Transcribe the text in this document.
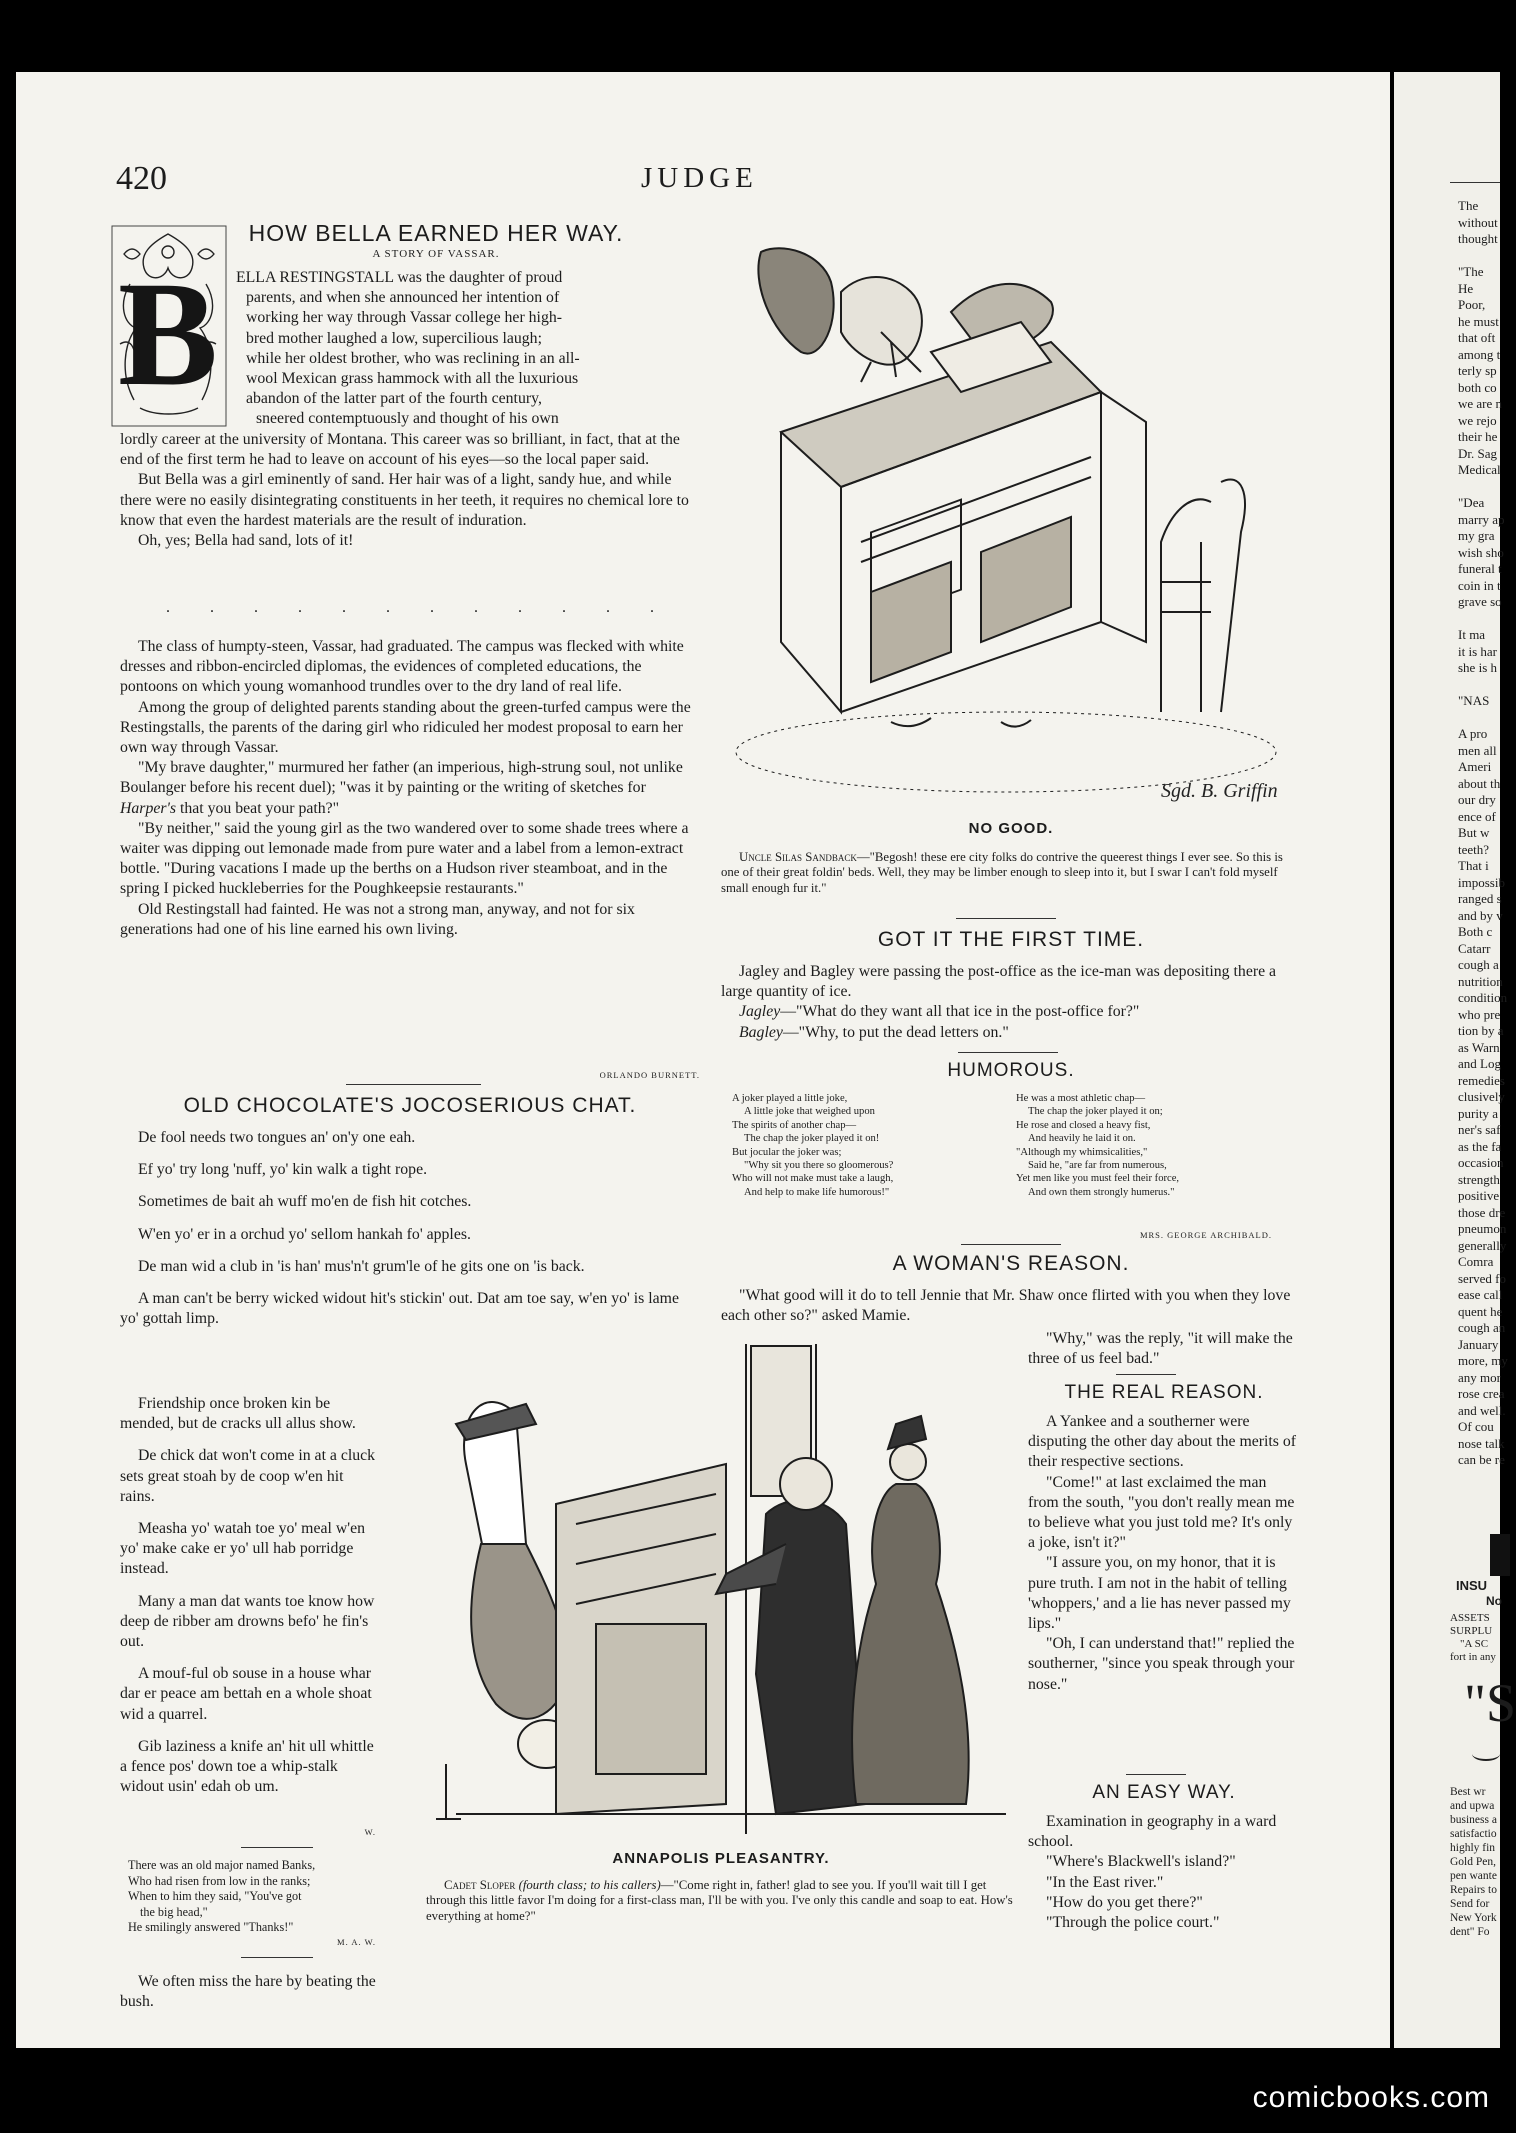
420	JUDGE
HOW BELLA EARNED HER WAY.
A STORY OF VASSAR.
B ELLA RESTINGSTALL was the daughter of proud
parents, and when she announced her intention of
working her way through Vassar college her high-
bred mother laughed a low, supercilious laugh;
while her oldest brother, who was reclining in an all-
wool Mexican grass hammock with all the luxurious
abandon of the latter part of the fourth century,
sneered contemptuously and thought of his own

lordly career at the university of Montana. This career was so brilliant, in fact, that at the end of the first term he had to leave on account of his eyes—so the local paper said.

But Bella was a girl eminently of sand. Her hair was of a light, sandy hue, and while there were no easily disintegrating constituents in her teeth, it requires no chemical lore to know that even the hardest materials are the result of induration.

Oh, yes; Bella had sand, lots of it!

. . . . . . . . . . . .

The class of humpty-steen, Vassar, had graduated. The campus was flecked with white dresses and ribbon-encircled diplomas, the evidences of completed educations, the pontoons on which young womanhood trundles over to the dry land of real life.

Among the group of delighted parents standing about the green-turfed campus were the Restingstalls, the parents of the daring girl who ridiculed her modest proposal to earn her own way through Vassar.

"My brave daughter," murmured her father (an imperious, high-strung soul, not unlike Boulanger before his recent duel); "was it by painting or the writing of sketches for Harper's that you beat your path?"

"By neither," said the young girl as the two wandered over to some shade trees where a waiter was dipping out lemonade made from pure water and a label from a lemon-extract bottle. "During vacations I made up the berths on a Hudson river steamboat, and in the spring I picked huckleberries for the Poughkeepsie restaurants."

Old Restingstall had fainted. He was not a strong man, anyway, and not for six generations had one of his line earned his own living.

ORLANDO BURNETT.
OLD CHOCOLATE'S JOCOSERIOUS CHAT.

De fool needs two tongues an' on'y one eah.

Ef yo' try long 'nuff, yo' kin walk a tight rope.

Sometimes de bait ah wuff mo'en de fish hit cotches.

W'en yo' er in a orchud yo' sellom hankah fo' apples.

De man wid a club in 'is han' mus'n't grum'le of he gits one on 'is back.

A man can't be berry wicked widout hit's stickin' out. Dat am toe say, w'en yo' is lame yo' gottah limp.

Friendship once broken kin be mended, but de cracks ull allus show.

De chick dat won't come in at a cluck sets great stoah by de coop w'en hit rains.

Measha yo' watah toe yo' meal w'en yo' make cake er yo' ull hab porridge instead.

Many a man dat wants toe know how deep de ribber am drowns befo' he fin's out.

A mouf-ful ob souse in a house whar dar er peace am bettah en a whole shoat wid a quarrel.

Gib laziness a knife an' hit ull whittle a fence pos' down toe a whip-stalk widout usin' edah ob um.

W.

There was an old major named Banks,

Who had risen from low in the ranks;

When to him they said, "You've got

the big head,"

He smilingly answered "Thanks!"

M. A. W.

We often miss the hare by beating the bush.

Sgd. B. Griffin
NO GOOD.

Uncle Silas Sandback—"Begosh! these ere city folks do contrive the queerest things I ever see. So this is one of their great foldin' beds. Well, they may be limber enough to sleep into it, but I swar I can't fold myself small enough fur it."

GOT IT THE FIRST TIME.

Jagley and Bagley were passing the post-office as the ice-man was depositing there a large quantity of ice.

Jagley—"What do they want all that ice in the post-office for?"

Bagley—"Why, to put the dead letters on."

HUMOROUS.
A joker played a little joke,
A little joke that weighed upon
The spirits of another chap—
The chap the joker played it on!
But jocular the joker was;
"Why sit you there so gloomerous?
Who will not make must take a laugh,
And help to make life humorous!"
He was a most athletic chap—
The chap the joker played it on;
He rose and closed a heavy fist,
And heavily he laid it on.
"Although my whimsicalities,"
Said he, "are far from numerous,
Yet men like you must feel their force,
And own them strongly humerus."
MRS. GEORGE ARCHIBALD.
A WOMAN'S REASON.

"What good will it do to tell Jennie that Mr. Shaw once flirted with you when they love each other so?" asked Mamie.

"Why," was the reply, "it will make the three of us feel bad."

THE REAL REASON.

A Yankee and a southerner were disputing the other day about the merits of their respective sections.

"Come!" at last exclaimed the man from the south, "you don't really mean me to believe what you just told me? It's only a joke, isn't it?"

"I assure you, on my honor, that it is pure truth. I am not in the habit of telling 'whoppers,' and a lie has never passed my lips."

"Oh, I can understand that!" replied the southerner, "since you speak through your nose."

AN EASY WAY.

Examination in geography in a ward school.

"Where's Blackwell's island?"

"In the East river."

"How do you get there?"

"Through the police court."

ANNAPOLIS PLEASANTRY.

Cadet Sloper (fourth class; to his callers)—"Come right in, father! glad to see you. If you'll wait till I get through this little favor I'm doing for a first-class man, I'll be with you. I've only this candle and soap to eat. How's everything at home?"

The
without
thought
"The
He
Poor,
he must
that oft
among t
terly sp
both co
we are n
we rejo
their he
Dr. Sag
Medical
"Dea
marry ap
my gra
wish sho
funeral t
coin in t
grave so
It ma
it is har
she is h
"NAS
A pro
men all
Ameri
about th
our dry
ence of
But w
teeth?
That i
impossib
ranged s
and by v
Both c
Catarr
cough a
nutrition
condition
who pre
tion by a
as Warn
and Log
remedies
clusively
purity a
ner's saf
as the fa
occasion
strength
positive
those dre
pneumon
generally
Comra
served fo
ease call
quent he
cough an
January
more, my
any mor
rose crea
and well.
Of cou
nose talk
can be re
INSU
No
ASSETS
SURPLU
"A SC
fort in any
"S
Best wr
and upwa
business a
satisfactio
highly fin
Gold Pen,
pen wante
Repairs to
Send for
New York
dent" Fo
comicbooks.com
